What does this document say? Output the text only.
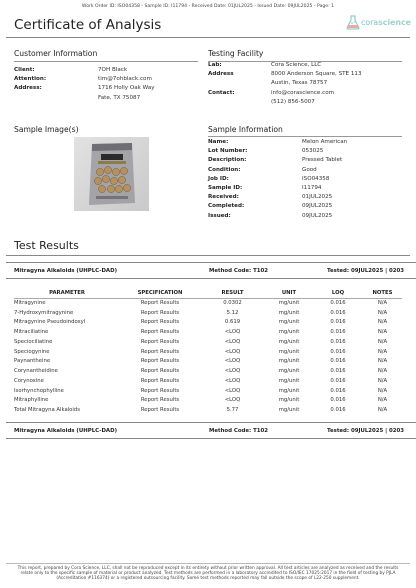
Work Order ID: ISO04358 - Sample ID: I11794 - Received Date: 01JUL2025 - Issued Date: 09JUL2025 - Page: 1
Certificate of Analysis	corascience
Customer Information
Client:	7OH Black
Attention:	tim@7ohblack.com
Address:	1716 Holly Oak Way
Fate, TX 75087
Testing Facility
Lab:	Cora Science, LLC
Address	8000 Anderson Square, STE 113
Austin, Texas 78757
Contact:	info@corascience.com
(512) 856-5007
Sample Image(s)	Sample Information
Name:	Melon American
Lot Number:	053025
Description:	Pressed Tablet
Condition:	Good
Job ID:	ISO04358
Sample ID:	I11794
Received:	01JUL2025
Completed:	09JUL2025
Issued:	09JUL2025
Test Results
Mitragyna Alkaloids (UHPLC-DAD)	Method Code: T102	Tested: 09JUL2025 | 0203
PARAMETER	SPECIFICATION	RESULT	UNIT	LOQ	NOTES
Mitragynine	Report Results	0.0302	mg/unit	0.016	N/A
7-Hydroxymitragynine	Report Results	5.12	mg/unit	0.016	N/A
Mitragynine Pseudoindoxyl	Report Results	0.619	mg/unit	0.016	N/A
Mitraciliatine	Report Results	<LOQ	mg/unit	0.016	N/A
Speciociliatine	Report Results	<LOQ	mg/unit	0.016	N/A
Speciogynine	Report Results	<LOQ	mg/unit	0.016	N/A
Paynantheine	Report Results	<LOQ	mg/unit	0.016	N/A
Corynantheidine	Report Results	<LOQ	mg/unit	0.016	N/A
Corynoxine	Report Results	<LOQ	mg/unit	0.016	N/A
Isorhynchophylline	Report Results	<LOQ	mg/unit	0.016	N/A
Mitraphylline	Report Results	<LOQ	mg/unit	0.016	N/A
Total Mitragyna Alkaloids	Report Results	5.77	mg/unit	0.016	N/A
Mitragyna Alkaloids (UHPLC-DAD)	Method Code: T102	Tested: 09JUL2025 | 0203
This report, prepared by Cora Science, LLC, shall not be reproduced except in its entirety without prior written approval. All test articles are analyzed as received and the results relate only to the specific sample of material or product analyzed. Test methods are performed in a laboratory accredited to ISO/IEC 17025:2017 in the field of testing by PJLA (Accreditation #116374) or a registered outsourcing facility. Some test methods reported may fall outside the scope of L22-250 supplement.
